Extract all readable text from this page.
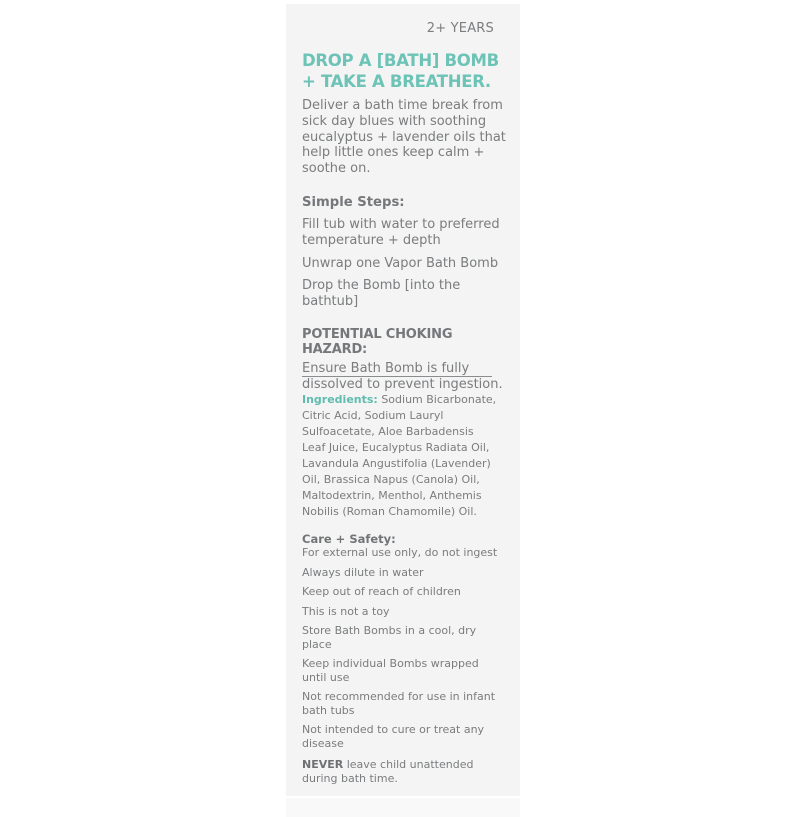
2+ YEARS

DROP A [BATH] BOMB
+ TAKE A BREATHER.

Deliver a bath time break from sick day blues with soothing eucalyptus + lavender oils that help little ones keep calm + soothe on.

Simple Steps:

Fill tub with water to preferred temperature + depth

Unwrap one Vapor Bath Bomb

Drop the Bomb [into the bathtub]

POTENTIAL CHOKING HAZARD:

Ensure Bath Bomb is fully dissolved to prevent ingestion.

Ingredients: Sodium Bicarbonate, Citric Acid, Sodium Lauryl Sulfoacetate, Aloe Barbadensis Leaf Juice, Eucalyptus Radiata Oil, Lavandula Angustifolia (Lavender) Oil, Brassica Napus (Canola) Oil, Maltodextrin, Menthol, Anthemis Nobilis (Roman Chamomile) Oil.
Care + Safety:
For external use only, do not ingest
Always dilute in water
Keep out of reach of children
This is not a toy
Store Bath Bombs in a cool, dry place
Keep individual Bombs wrapped until use
Not recommended for use in infant bath tubs
Not intended to cure or treat any disease
NEVER leave child unattended during bath time.
